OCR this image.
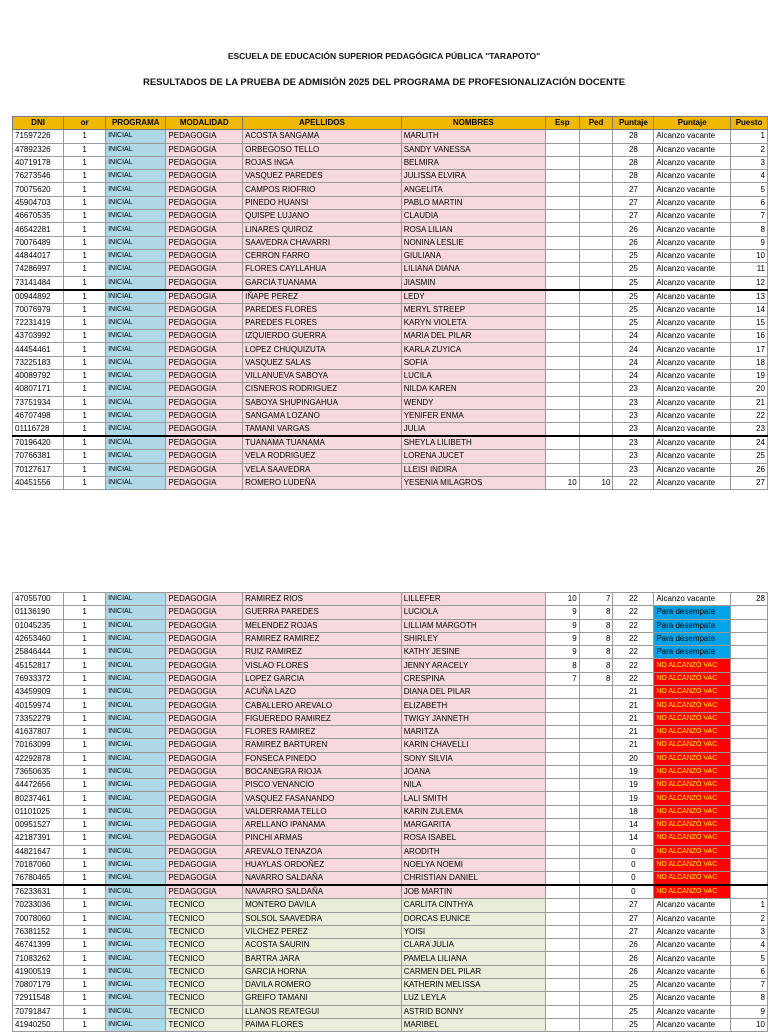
ESCUELA DE EDUCACIÓN SUPERIOR PEDAGÓGICA PÚBLICA "TARAPOTO"
RESULTADOS DE LA PRUEBA DE ADMISIÓN 2025 DEL PROGRAMA DE PROFESIONALIZACIÓN DOCENTE
DNI	or	PROGRAMA	MODALIDAD	APELLIDOS	NOMBRES	Esp	Ped	Puntaje	Puntaje	Puesto
71597226	1	INICIAL	PEDAGOGIA	ACOSTA SANGAMA	MARLITH			28	Alcanzo vacante	1
47892326	1	INICIAL	PEDAGOGIA	ORBEGOSO TELLO	SANDY VANESSA			28	Alcanzo vacante	2
40719178	1	INICIAL	PEDAGOGIA	ROJAS INGA	BELMIRA			28	Alcanzo vacante	3
76273546	1	INICIAL	PEDAGOGIA	VASQUEZ PAREDES	JULISSA ELVIRA			28	Alcanzo vacante	4
70075620	1	INICIAL	PEDAGOGIA	CAMPOS RIOFRIO	ANGELITA			27	Alcanzo vacante	5
45904703	1	INICIAL	PEDAGOGIA	PINEDO HUANSI	PABLO MARTIN			27	Alcanzo vacante	6
46670535	1	INICIAL	PEDAGOGIA	QUISPE LUJANO	CLAUDIA			27	Alcanzo vacante	7
46542281	1	INICIAL	PEDAGOGIA	LINARES QUIROZ	ROSA LILIAN			26	Alcanzo vacante	8
70076489	1	INICIAL	PEDAGOGIA	SAAVEDRA CHAVARRI	NONINA LESLIE			26	Alcanzo vacante	9
44844017	1	INICIAL	PEDAGOGIA	CERRON FARRO	GIULIANA			25	Alcanzo vacante	10
74286997	1	INICIAL	PEDAGOGIA	FLORES CAYLLAHUA	LILIANA DIANA			25	Alcanzo vacante	11
73141484	1	INICIAL	PEDAGOGIA	GARCIA TUANAMA	JIASMIN			25	Alcanzo vacante	12
00944892	1	INICIAL	PEDAGOGIA	IÑAPE PEREZ	LEDY			25	Alcanzo vacante	13
70076979	1	INICIAL	PEDAGOGIA	PAREDES FLORES	MERYL STREEP			25	Alcanzo vacante	14
72231419	1	INICIAL	PEDAGOGIA	PAREDES FLORES	KARYN VIOLETA			25	Alcanzo vacante	15
43703992	1	INICIAL	PEDAGOGIA	IZQUIERDO GUERRA	MARIA DEL PILAR			24	Alcanzo vacante	16
44454461	1	INICIAL	PEDAGOGIA	LOPEZ CHUQUIZUTA	KARLA ZUYICA			24	Alcanzo vacante	17
73225183	1	INICIAL	PEDAGOGIA	VASQUEZ SALAS	SOFIA			24	Alcanzo vacante	18
40089792	1	INICIAL	PEDAGOGIA	VILLANUEVA SABOYA	LUCILA			24	Alcanzo vacante	19
40807171	1	INICIAL	PEDAGOGIA	CISNEROS RODRIGUEZ	NILDA KAREN			23	Alcanzo vacante	20
73751934	1	INICIAL	PEDAGOGIA	SABOYA SHUPINGAHUA	WENDY			23	Alcanzo vacante	21
46707498	1	INICIAL	PEDAGOGIA	SANGAMA LOZANO	YENIFER ENMA			23	Alcanzo vacante	22
01116728	1	INICIAL	PEDAGOGIA	TAMANI VARGAS	JULIA			23	Alcanzo vacante	23
70196420	1	INICIAL	PEDAGOGIA	TUANAMA TUANAMA	SHEYLA LILIBETH			23	Alcanzo vacante	24
70766381	1	INICIAL	PEDAGOGIA	VELA RODRIGUEZ	LORENA JUCET			23	Alcanzo vacante	25
70127617	1	INICIAL	PEDAGOGIA	VELA SAAVEDRA	LLEISI INDIRA			23	Alcanzo vacante	26
40451556	1	INICIAL	PEDAGOGIA	ROMERO LUDEÑA	YESENIA MILAGROS	10	10	22	Alcanzo vacante	27
47055700	1	INICIAL	PEDAGOGIA	RAMIREZ RIOS	LILLEFER	10	7	22	Alcanzo vacante	28
01136190	1	INICIAL	PEDAGOGIA	GUERRA PAREDES	LUCIOLA	9	8	22	Para desempate	
01045235	1	INICIAL	PEDAGOGIA	MELENDEZ ROJAS	LILLIAM MARGOTH	9	8	22	Para desempate	
42653460	1	INICIAL	PEDAGOGIA	RAMIREZ RAMIREZ	SHIRLEY	9	8	22	Para desempate	
25846444	1	INICIAL	PEDAGOGIA	RUIZ RAMIREZ	KATHY JESINE	9	8	22	Para desempate	
45152817	1	INICIAL	PEDAGOGIA	VISLAO FLORES	JENNY ARACELY	8	8	22	NO ALCANZÓ VAC	
76933372	1	INICIAL	PEDAGOGIA	LOPEZ GARCIA	CRESPINA	7	8	22	NO ALCANZÓ VAC	
43459909	1	INICIAL	PEDAGOGIA	ACUÑA LAZO	DIANA DEL PILAR			21	NO ALCANZÓ VAC	
40159974	1	INICIAL	PEDAGOGIA	CABALLERO AREVALO	ELIZABETH			21	NO ALCANZÓ VAC	
73352279	1	INICIAL	PEDAGOGIA	FIGUEREDO RAMIREZ	TWIGY JANNETH			21	NO ALCANZÓ VAC	
41637807	1	INICIAL	PEDAGOGIA	FLORES RAMIREZ	MARITZA			21	NO ALCANZÓ VAC	
70163099	1	INICIAL	PEDAGOGIA	RAMIREZ BARTUREN	KARIN CHAVELLI			21	NO ALCANZÓ VAC	
42292878	1	INICIAL	PEDAGOGIA	FONSECA PINEDO	SONY SILVIA			20	NO ALCANZÓ VAC	
73650635	1	INICIAL	PEDAGOGIA	BOCANEGRA RIOJA	JOANA			19	NO ALCANZÓ VAC	
44472656	1	INICIAL	PEDAGOGIA	PISCO VENANCIO	NILA			19	NO ALCANZÓ VAC	
80237461	1	INICIAL	PEDAGOGIA	VASQUEZ FASANANDO	LALI SMITH			19	NO ALCANZÓ VAC	
01101025	1	INICIAL	PEDAGOGIA	VALDERRAMA TELLO	KARIN ZULEMA			18	NO ALCANZÓ VAC	
00951527	1	INICIAL	PEDAGOGIA	ARELLANO IPANAMA	MARGARITA			14	NO ALCANZÓ VAC	
42187391	1	INICIAL	PEDAGOGIA	PINCHI ARMAS	ROSA ISABEL			14	NO ALCANZÓ VAC	
44821647	1	INICIAL	PEDAGOGIA	AREVALO TENAZOA	ARODITH			0	NO ALCANZÓ VAC	
70187060	1	INICIAL	PEDAGOGIA	HUAYLAS ORDOÑEZ	NOELYA NOEMI			0	NO ALCANZÓ VAC	
76780465	1	INICIAL	PEDAGOGIA	NAVARRO SALDAÑA	CHRISTIAN DANIEL			0	NO ALCANZÓ VAC	
76233631	1	INICIAL	PEDAGOGIA	NAVARRO SALDAÑA	JOB MARTIN			0	NO ALCANZÓ VAC	
70233036	1	INICIAL	TECNICO	MONTERO DAVILA	CARLITA CINTHYA			27	Alcanzo vacante	1
70078060	1	INICIAL	TECNICO	SOLSOL SAAVEDRA	DORCAS EUNICE			27	Alcanzo vacante	2
76381152	1	INICIAL	TECNICO	VILCHEZ PEREZ	YOISI			27	Alcanzo vacante	3
46741399	1	INICIAL	TECNICO	ACOSTA SAURIN	CLARA JULIA			26	Alcanzo vacante	4
71083262	1	INICIAL	TECNICO	BARTRA JARA	PAMELA LILIANA			26	Alcanzo vacante	5
41900519	1	INICIAL	TECNICO	GARCIA HORNA	CARMEN DEL PILAR			26	Alcanzo vacante	6
70807179	1	INICIAL	TECNICO	DAVILA ROMERO	KATHERIN MELISSA			25	Alcanzo vacante	7
72911548	1	INICIAL	TECNICO	GREIFO TAMANI	LUZ LEYLA			25	Alcanzo vacante	8
70791847	1	INICIAL	TECNICO	LLANOS REATEGUI	ASTRID BONNY			25	Alcanzo vacante	9
41940250	1	INICIAL	TECNICO	PAIMA FLORES	MARIBEL			25	Alcanzo vacante	10
